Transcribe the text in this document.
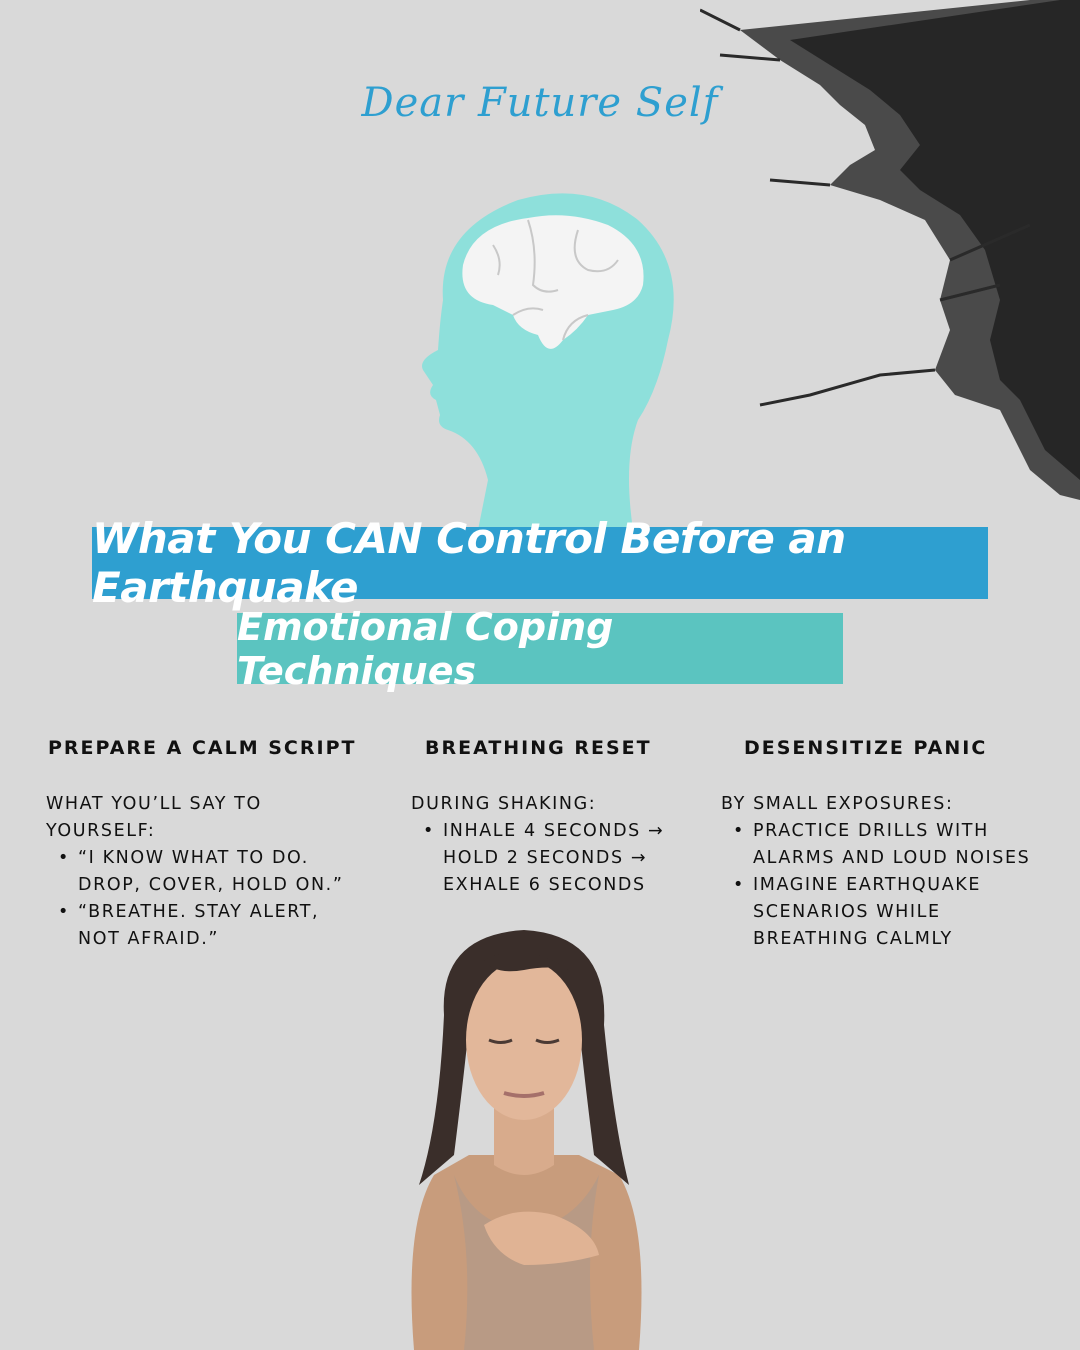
Dear Future Self
What You CAN Control Before an Earthquake
Emotional Coping Techniques
PREPARE A CALM SCRIPT

WHAT YOU’LL SAY TO YOURSELF:

• “I KNOW WHAT TO DO. DROP, COVER, HOLD ON.”
• “BREATHE. STAY ALERT, NOT AFRAID.”
BREATHING RESET

DURING SHAKING:

• INHALE 4 SECONDS → HOLD 2 SECONDS → EXHALE 6 SECONDS
DESENSITIZE PANIC

BY SMALL EXPOSURES:

• PRACTICE DRILLS WITH ALARMS AND LOUD NOISES
• IMAGINE EARTHQUAKE SCENARIOS WHILE BREATHING CALMLY
